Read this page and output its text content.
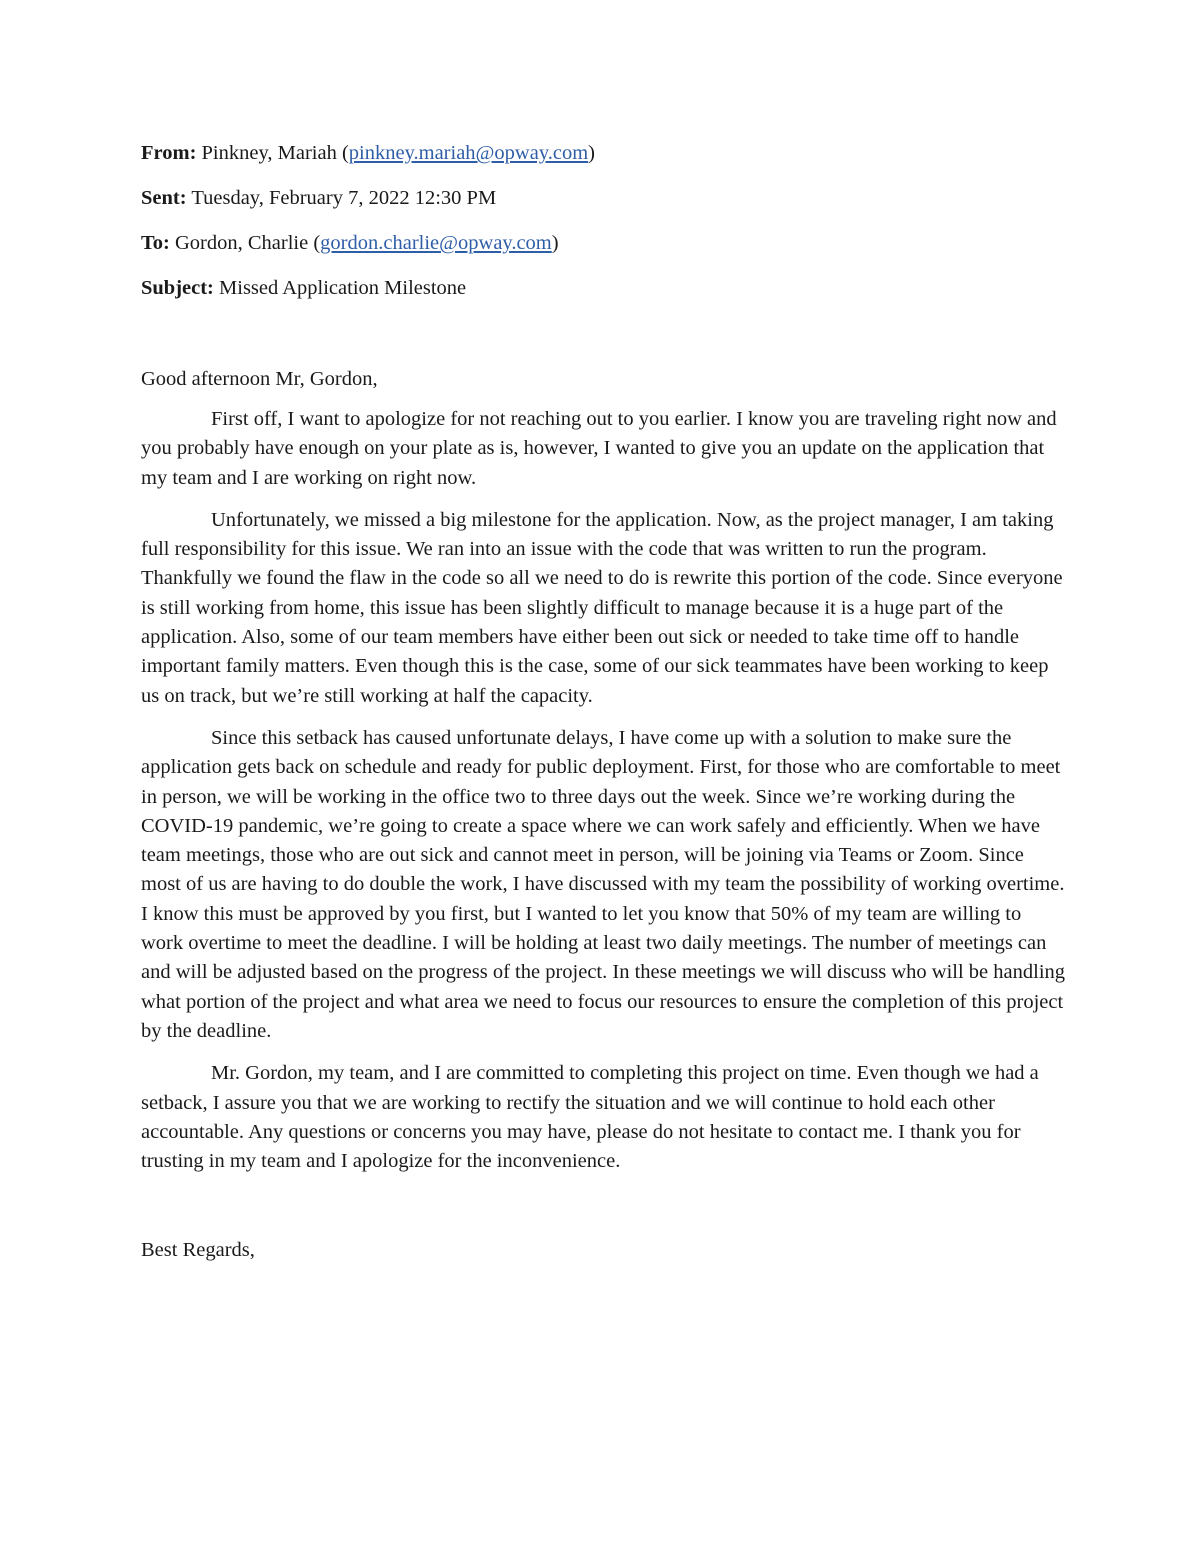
From: Pinkney, Mariah (pinkney.mariah@opway.com)
Sent: Tuesday, February 7, 2022 12:30 PM
To: Gordon, Charlie (gordon.charlie@opway.com)
Subject: Missed Application Milestone
Good afternoon Mr, Gordon,

First off, I want to apologize for not reaching out to you earlier. I know you are traveling right now and you probably have enough on your plate as is, however, I wanted to give you an update on the application that my team and I are working on right now.

Unfortunately, we missed a big milestone for the application. Now, as the project manager, I am taking full responsibility for this issue. We ran into an issue with the code that was written to run the program. Thankfully we found the flaw in the code so all we need to do is rewrite this portion of the code. Since everyone is still working from home, this issue has been slightly difficult to manage because it is a huge part of the application. Also, some of our team members have either been out sick or needed to take time off to handle important family matters. Even though this is the case, some of our sick teammates have been working to keep us on track, but we’re still working at half the capacity.

Since this setback has caused unfortunate delays, I have come up with a solution to make sure the application gets back on schedule and ready for public deployment. First, for those who are comfortable to meet in person, we will be working in the office two to three days out the week. Since we’re working during the COVID-19 pandemic, we’re going to create a space where we can work safely and efficiently. When we have team meetings, those who are out sick and cannot meet in person, will be joining via Teams or Zoom. Since most of us are having to do double the work, I have discussed with my team the possibility of working overtime. I know this must be approved by you first, but I wanted to let you know that 50% of my team are willing to work overtime to meet the deadline. I will be holding at least two daily meetings. The number of meetings can and will be adjusted based on the progress of the project. In these meetings we will discuss who will be handling what portion of the project and what area we need to focus our resources to ensure the completion of this project by the deadline.

Mr. Gordon, my team, and I are committed to completing this project on time. Even though we had a setback, I assure you that we are working to rectify the situation and we will continue to hold each other accountable. Any questions or concerns you may have, please do not hesitate to contact me. I thank you for trusting in my team and I apologize for the inconvenience.

Best Regards,
